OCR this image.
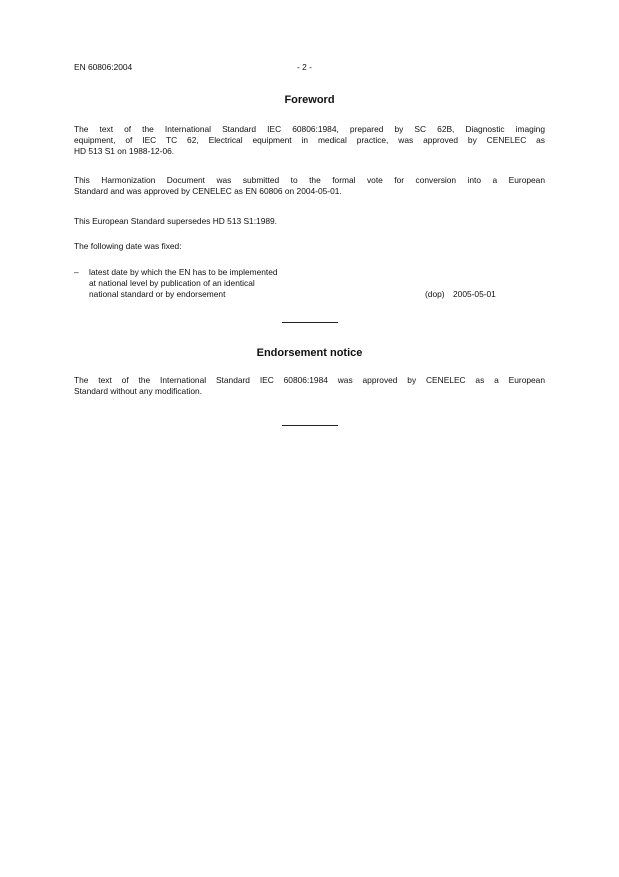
EN 60806:2004	- 2 -
Foreword
The text of the International Standard IEC 60806:1984, prepared by SC 62B, Diagnostic imaging
equipment, of IEC TC 62, Electrical equipment in medical practice, was approved by CENELEC as
HD 513 S1 on 1988-12-06.
This Harmonization Document was submitted to the formal vote for conversion into a European
Standard and was approved by CENELEC as EN 60806 on 2004-05-01.
This European Standard supersedes HD 513 S1:1989.
The following date was fixed:
– latest date by which the EN has to be implemented
at national level by publication of an identical
national standard or by endorsement	(dop) 2005-05-01
Endorsement notice
The text of the International Standard IEC 60806:1984 was approved by CENELEC as a European
Standard without any modification.
